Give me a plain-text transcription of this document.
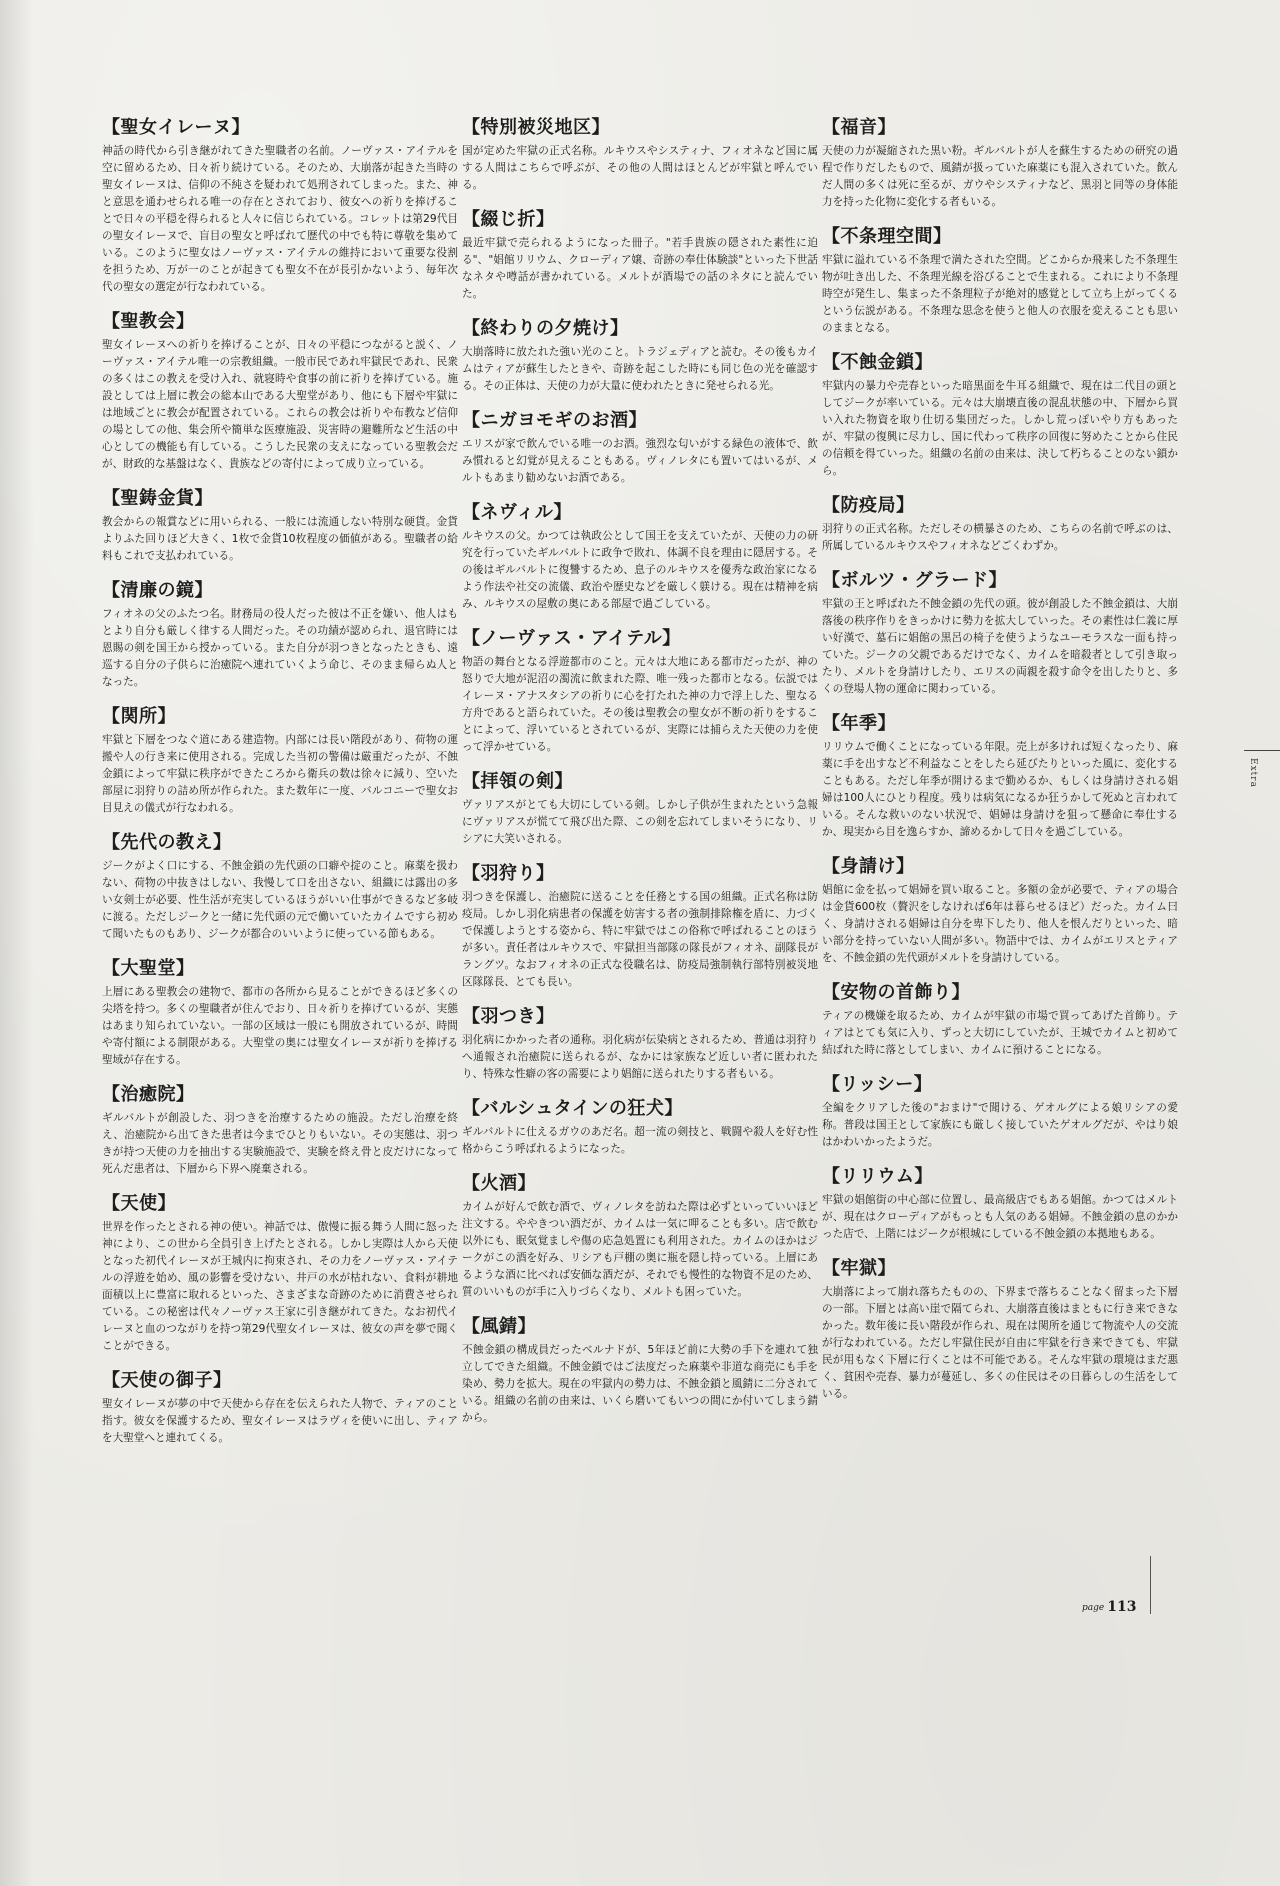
【聖女イレーヌ】

神話の時代から引き継がれてきた聖職者の名前。ノーヴァス・アイテルを空に留めるため、日々祈り続けている。そのため、大崩落が起きた当時の聖女イレーヌは、信仰の不純さを疑われて処刑されてしまった。また、神と意思を通わせられる唯一の存在とされており、彼女への祈りを捧げることで日々の平穏を得られると人々に信じられている。コレットは第29代目の聖女イレーヌで、盲目の聖女と呼ばれて歴代の中でも特に尊敬を集めている。このように聖女はノーヴァス・アイテルの維持において重要な役割を担うため、万が一のことが起きても聖女不在が長引かないよう、毎年次代の聖女の選定が行なわれている。

【聖教会】

聖女イレーヌへの祈りを捧げることが、日々の平穏につながると説く、ノーヴァス・アイテル唯一の宗教組織。一般市民であれ牢獄民であれ、民衆の多くはこの教えを受け入れ、就寝時や食事の前に祈りを捧げている。施設としては上層に教会の総本山である大聖堂があり、他にも下層や牢獄には地域ごとに教会が配置されている。これらの教会は祈りや布教など信仰の場としての他、集会所や簡単な医療施設、災害時の避難所など生活の中心としての機能も有している。こうした民衆の支えになっている聖教会だが、財政的な基盤はなく、貴族などの寄付によって成り立っている。

【聖鋳金貨】

教会からの報賞などに用いられる、一般には流通しない特別な硬貨。金貨よりふた回りほど大きく、1枚で金貨10枚程度の価値がある。聖職者の給料もこれで支払われている。

【清廉の鏡】

フィオネの父のふたつ名。財務局の役人だった彼は不正を嫌い、他人はもとより自分も厳しく律する人間だった。その功績が認められ、退官時には恩賜の剣を国王から授かっている。また自分が羽つきとなったときも、遠巡する自分の子供らに治癒院へ連れていくよう命じ、そのまま帰らぬ人となった。

【関所】

牢獄と下層をつなぐ道にある建造物。内部には長い階段があり、荷物の運搬や人の行き来に使用される。完成した当初の警備は厳重だったが、不蝕金鎖によって牢獄に秩序ができたころから衛兵の数は徐々に減り、空いた部屋に羽狩りの詰め所が作られた。また数年に一度、バルコニーで聖女お目見えの儀式が行なわれる。

【先代の教え】

ジークがよく口にする、不蝕金鎖の先代頭の口癖や掟のこと。麻薬を扱わない、荷物の中抜きはしない、我慢して口を出さない、組織には露出の多い女剣士が必要、性生活が充実しているほうがいい仕事ができるなど多岐に渡る。ただしジークと一緒に先代頭の元で働いていたカイムですら初めて聞いたものもあり、ジークが都合のいいように使っている節もある。

【大聖堂】

上層にある聖教会の建物で、都市の各所から見ることができるほど多くの尖塔を持つ。多くの聖職者が住んでおり、日々祈りを捧げているが、実態はあまり知られていない。一部の区域は一般にも開放されているが、時間や寄付額による制限がある。大聖堂の奥には聖女イレーヌが祈りを捧げる聖域が存在する。

【治癒院】

ギルバルトが創設した、羽つきを治療するための施設。ただし治療を終え、治癒院から出てきた患者は今までひとりもいない。その実態は、羽つきが持つ天使の力を抽出する実験施設で、実験を終え骨と皮だけになって死んだ患者は、下層から下界へ廃棄される。

【天使】

世界を作ったとされる神の使い。神話では、傲慢に振る舞う人間に怒った神により、この世から全員引き上げたとされる。しかし実際は人から天使となった初代イレーヌが王城内に拘束され、その力をノーヴァス・アイテルの浮遊を始め、風の影響を受けない、井戸の水が枯れない、食料が耕地面積以上に豊富に取れるといった、さまざまな奇跡のために消費させられている。この秘密は代々ノーヴァス王家に引き継がれてきた。なお初代イレーヌと血のつながりを持つ第29代聖女イレーヌは、彼女の声を夢で聞くことができる。

【天使の御子】

聖女イレーヌが夢の中で天使から存在を伝えられた人物で、ティアのこと指す。彼女を保護するため、聖女イレーヌはラヴィを使いに出し、ティアを大聖堂へと連れてくる。

【特別被災地区】

国が定めた牢獄の正式名称。ルキウスやシスティナ、フィオネなど国に属する人間はこちらで呼ぶが、その他の人間はほとんどが牢獄と呼んでいる。

【綴じ折】

最近牢獄で売られるようになった冊子。"若手貴族の隠された素性に迫る"、"娼館リリウム、クローディア嬢、奇跡の奉仕体験談"といった下世話なネタや噂話が書かれている。メルトが酒場での話のネタにと読んでいた。

【終わりの夕焼け】

大崩落時に放たれた強い光のこと。トラジェディアと読む。その後もカイムはティアが蘇生したときや、奇跡を起こした時にも同じ色の光を確認する。その正体は、天使の力が大量に使われたときに発せられる光。

【ニガヨモギのお酒】

エリスが家で飲んでいる唯一のお酒。強烈な匂いがする緑色の液体で、飲み慣れると幻覚が見えることもある。ヴィノレタにも置いてはいるが、メルトもあまり勧めないお酒である。

【ネヴィル】

ルキウスの父。かつては執政公として国王を支えていたが、天使の力の研究を行っていたギルバルトに政争で敗れ、体調不良を理由に隠居する。その後はギルバルトに復讐するため、息子のルキウスを優秀な政治家になるよう作法や社交の流儀、政治や歴史などを厳しく躾ける。現在は精神を病み、ルキウスの屋敷の奥にある部屋で過ごしている。

【ノーヴァス・アイテル】

物語の舞台となる浮遊都市のこと。元々は大地にある都市だったが、神の怒りで大地が泥沼の濁流に飲まれた際、唯一残った都市となる。伝説ではイレーヌ・アナスタシアの祈りに心を打たれた神の力で浮上した、聖なる方舟であると語られていた。その後は聖教会の聖女が不断の祈りをすることによって、浮いているとされているが、実際には捕らえた天使の力を使って浮かせている。

【拝領の剣】

ヴァリアスがとても大切にしている剣。しかし子供が生まれたという急報にヴァリアスが慌てて飛び出た際、この剣を忘れてしまいそうになり、リシアに大笑いされる。

【羽狩り】

羽つきを保護し、治癒院に送ることを任務とする国の組織。正式名称は防疫局。しかし羽化病患者の保護を妨害する者の強制排除権を盾に、力づくで保護しようとする姿から、特に牢獄ではこの俗称で呼ばれることのほうが多い。責任者はルキウスで、牢獄担当部隊の隊長がフィオネ、副隊長がラングツ。なおフィオネの正式な役職名は、防疫局強制執行部特別被災地区隊隊長、とても長い。

【羽つき】

羽化病にかかった者の通称。羽化病が伝染病とされるため、普通は羽狩りへ通報され治癒院に送られるが、なかには家族など近しい者に匿われたり、特殊な性癖の客の需要により娼館に送られたりする者もいる。

【バルシュタインの狂犬】

ギルバルトに仕えるガウのあだ名。超一流の剣技と、戦闘や殺人を好む性格からこう呼ばれるようになった。

【火酒】

カイムが好んで飲む酒で、ヴィノレタを訪ねた際は必ずといっていいほど注文する。ややきつい酒だが、カイムは一気に呷ることも多い。店で飲む以外にも、眠気覚ましや傷の応急処置にも利用された。カイムのほかはジークがこの酒を好み、リシアも戸棚の奥に瓶を隠し持っている。上層にあるような酒に比べれば安価な酒だが、それでも慢性的な物資不足のため、質のいいものが手に入りづらくなり、メルトも困っていた。

【風錆】

不蝕金鎖の構成員だったベルナドが、5年ほど前に大勢の手下を連れて独立してできた組織。不蝕金鎖ではご法度だった麻薬や非道な商売にも手を染め、勢力を拡大。現在の牢獄内の勢力は、不蝕金鎖と風錆に二分されている。組織の名前の由来は、いくら磨いてもいつの間にか付いてしまう錆から。

【福音】

天使の力が凝縮された黒い粉。ギルバルトが人を蘇生するための研究の過程で作りだしたもので、風錆が扱っていた麻薬にも混入されていた。飲んだ人間の多くは死に至るが、ガウやシスティナなど、黒羽と同等の身体能力を持った化物に変化する者もいる。

【不条理空間】

牢獄に溢れている不条理で満たされた空間。どこからか飛来した不条理生物が吐き出した、不条理光線を浴びることで生まれる。これにより不条理時空が発生し、集まった不条理粒子が絶対的感覚として立ち上がってくるという伝説がある。不条理な思念を使うと他人の衣服を変えることも思いのままとなる。

【不蝕金鎖】

牢獄内の暴力や売春といった暗黒面を牛耳る組織で、現在は二代目の頭としてジークが率いている。元々は大崩壊直後の混乱状態の中、下層から買い入れた物資を取り仕切る集団だった。しかし荒っぽいやり方もあったが、牢獄の復興に尽力し、国に代わって秩序の回復に努めたことから住民の信頼を得ていった。組織の名前の由来は、決して朽ちることのない鎖から。

【防疫局】

羽狩りの正式名称。ただしその横暴さのため、こちらの名前で呼ぶのは、所属しているルキウスやフィオネなどごくわずか。

【ボルツ・グラード】

牢獄の王と呼ばれた不蝕金鎖の先代の頭。彼が創設した不蝕金鎖は、大崩落後の秩序作りをきっかけに勢力を拡大していった。その素性は仁義に厚い好漢で、墓石に娼館の黒呂の椅子を使うようなユーモラスな一面も持っていた。ジークの父親であるだけでなく、カイムを暗殺者として引き取ったり、メルトを身請けしたり、エリスの両親を殺す命令を出したりと、多くの登場人物の運命に関わっている。

【年季】

リリウムで働くことになっている年限。売上が多ければ短くなったり、麻薬に手を出すなど不利益なことをしたら延びたりといった風に、変化することもある。ただし年季が開けるまで勤めるか、もしくは身請けされる娼婦は100人にひとり程度。残りは病気になるか狂うかして死ぬと言われている。そんな救いのない状況で、娼婦は身請けを狙って懸命に奉仕するか、現実から目を逸らすか、諦めるかして日々を過ごしている。

【身請け】

娼館に金を払って娼婦を買い取ること。多額の金が必要で、ティアの場合は金貨600枚（贅沢をしなければ6年は暮らせるほど）だった。カイム曰く、身請けされる娼婦は自分を卑下したり、他人を恨んだりといった、暗い部分を持っていない人間が多い。物語中では、カイムがエリスとティアを、不蝕金鎖の先代頭がメルトを身請けしている。

【安物の首飾り】

ティアの機嫌を取るため、カイムが牢獄の市場で買ってあげた首飾り。ティアはとても気に入り、ずっと大切にしていたが、王城でカイムと初めて結ばれた時に落としてしまい、カイムに預けることになる。

【リッシー】

全編をクリアした後の"おまけ"で聞ける、ゲオルグによる娘リシアの愛称。普段は国王として家族にも厳しく接していたゲオルグだが、やはり娘はかわいかったようだ。

【リリウム】

牢獄の娼館街の中心部に位置し、最高級店でもある娼館。かつてはメルトが、現在はクローディアがもっとも人気のある娼婦。不蝕金鎖の息のかかった店で、上階にはジークが根城にしている不蝕金鎖の本拠地もある。

【牢獄】

大崩落によって崩れ落ちたものの、下界まで落ちることなく留まった下層の一部。下層とは高い崖で隔てられ、大崩落直後はまともに行き来できなかった。数年後に長い階段が作られ、現在は関所を通じて物流や人の交流が行なわれている。ただし牢獄住民が自由に牢獄を行き来できても、牢獄民が用もなく下層に行くことは不可能である。そんな牢獄の環境はまだ悪く、貧困や売春、暴力が蔓延し、多くの住民はその日暮らしの生活をしている。

Extra
page 113
